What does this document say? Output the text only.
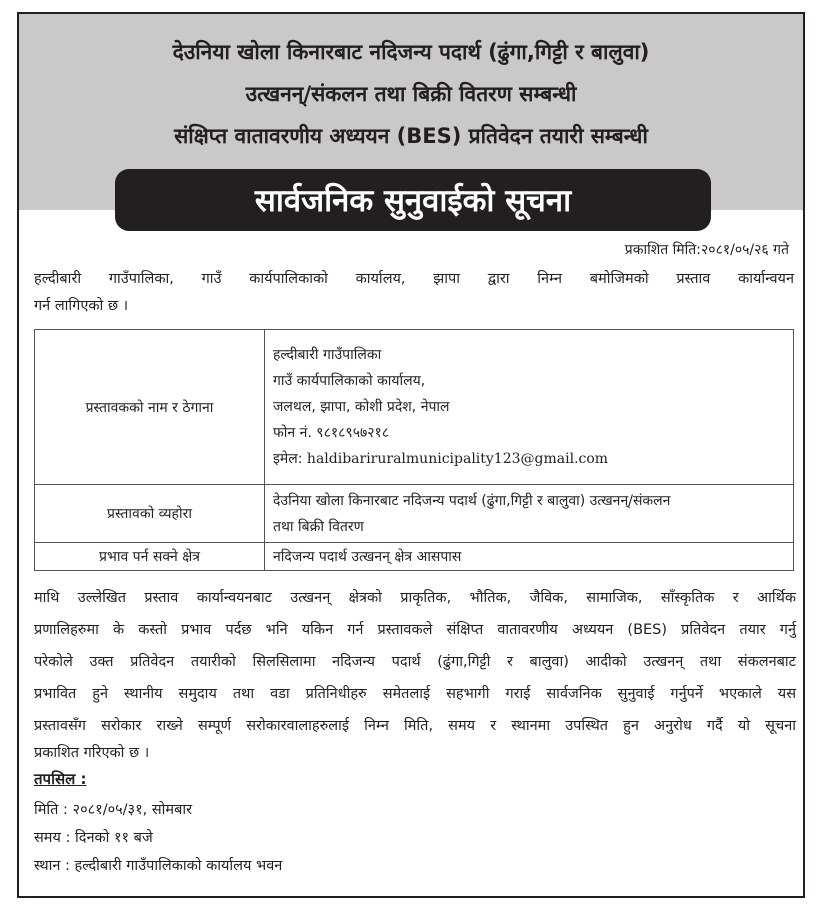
देउनिया खोला किनारबाट नदिजन्य पदार्थ (ढुंगा,गिट्टी र बालुवा)
उत्खनन्/संकलन तथा बिक्री वितरण सम्बन्धी
संक्षिप्त वातावरणीय अध्ययन (BES) प्रतिवेदन तयारी सम्बन्धी
सार्वजनिक सुनुवाईको सूचना
प्रकाशित मिति:२०८१/०५/२६ गते
हल्दीबारी गाउँपालिका, गाउँ कार्यपालिकाको कार्यालय, झापा द्वारा निम्न बमोजिमको प्रस्ताव कार्यान्वयन
गर्न लागिएको छ ।
प्रस्तावकको नाम र ठेगाना	हल्दीबारी गाउँपालिका
गाउँ कार्यपालिकाको कार्यालय,
जलथल, झापा, कोशी प्रदेश, नेपाल
फोन नं. ९८१८९५७२१८
इमेल: haldibariruralmunicipality123@gmail.com

प्रस्तावको व्यहोरा	देउनिया खोला किनारबाट नदिजन्य पदार्थ (ढुंगा,गिट्टी र बालुवा) उत्खनन्/संकलन
तथा बिक्री वितरण

प्रभाव पर्न सक्ने क्षेत्र	नदिजन्य पदार्थ उत्खनन् क्षेत्र आसपास
माथि उल्लेखित प्रस्ताव कार्यान्वयनबाट उत्खनन् क्षेत्रको प्राकृतिक, भौतिक, जैविक, सामाजिक, साँस्कृतिक र आर्थिक
प्रणालिहरुमा के कस्तो प्रभाव पर्दछ भनि यकिन गर्न प्रस्तावकले संक्षिप्त वातावरणीय अध्ययन (BES) प्रतिवेदन तयार गर्नु
परेकोले उक्त प्रतिवेदन तयारीको सिलसिलामा नदिजन्य पदार्थ (ढुंगा,गिट्टी र बालुवा) आदीको उत्खनन् तथा संकलनबाट
प्रभावित हुने स्थानीय समुदाय तथा वडा प्रतिनिधीहरु समेतलाई सहभागी गराई सार्वजनिक सुनुवाई गर्नुपर्ने भएकाले यस
प्रस्तावसँग सरोकार राख्ने सम्पूर्ण सरोकारवालाहरुलाई निम्न मिति, समय र स्थानमा उपस्थित हुन अनुरोध गर्दै यो सूचना
प्रकाशित गरिएको छ ।
तपसिल :
मिति : २०८१/०५/३१, सोमबार
समय : दिनको ११ बजे
स्थान : हल्दीबारी गाउँपालिकाको कार्यालय भवन
